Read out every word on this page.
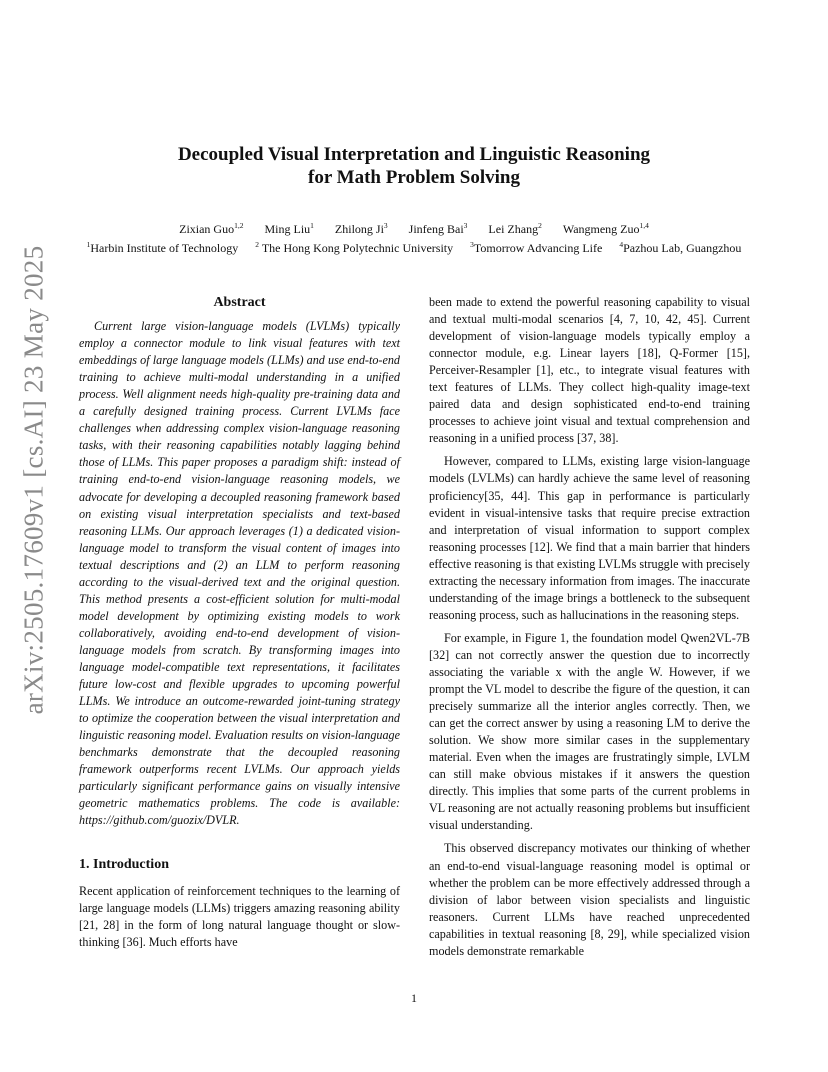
arXiv:2505.17609v1 [cs.AI] 23 May 2025
Decoupled Visual Interpretation and Linguistic Reasoning
for Math Problem Solving
Zixian Guo$^{1,2}$ Ming Liu$^1$ Zhilong Ji$^3$ Jinfeng Bai$^3$ Lei Zhang$^2$ Wangmeng Zuo$^{1,4}$
$^1$Harbin Institute of Technology $^2$ The Hong Kong Polytechnic University $^3$Tomorrow Advancing Life $^4$Pazhou Lab, Guangzhou

Abstract

Current large vision-language models (LVLMs) typically employ a connector module to link visual features with text embeddings of large language models (LLMs) and use end-to-end training to achieve multi-modal understanding in a unified process. Well alignment needs high-quality pre-training data and a carefully designed training process. Current LVLMs face challenges when addressing complex vision-language reasoning tasks, with their reasoning capabilities notably lagging behind those of LLMs. This paper proposes a paradigm shift: instead of training end-to-end vision-language reasoning models, we advocate for developing a decoupled reasoning framework based on existing visual interpretation specialists and text-based reasoning LLMs. Our approach leverages (1) a dedicated vision-language model to transform the visual content of images into textual descriptions and (2) an LLM to perform reasoning according to the visual-derived text and the original question. This method presents a cost-efficient solution for multi-modal model development by optimizing existing models to work collaboratively, avoiding end-to-end development of vision-language models from scratch. By transforming images into language model-compatible text representations, it facilitates future low-cost and flexible upgrades to upcoming powerful LLMs. We introduce an outcome-rewarded joint-tuning strategy to optimize the cooperation between the visual interpretation and linguistic reasoning model. Evaluation results on vision-language benchmarks demonstrate that the decoupled reasoning framework outperforms recent LVLMs. Our approach yields particularly significant performance gains on visually intensive geometric mathematics problems. The code is available: https://github.com/guozix/DVLR.

1. Introduction

Recent application of reinforcement techniques to the learning of large language models (LLMs) triggers amazing reasoning ability [21, 28] in the form of long natural language thought or slow-thinking [36]. Much efforts have

been made to extend the powerful reasoning capability to visual and textual multi-modal scenarios [4, 7, 10, 42, 45]. Current development of vision-language models typically employ a connector module, e.g. Linear layers [18], Q-Former [15], Perceiver-Resampler [1], etc., to integrate visual features with text features of LLMs. They collect high-quality image-text paired data and design sophisticated end-to-end training processes to achieve joint visual and textual comprehension and reasoning in a unified process [37, 38].

However, compared to LLMs, existing large vision-language models (LVLMs) can hardly achieve the same level of reasoning proficiency[35, 44]. This gap in performance is particularly evident in visual-intensive tasks that require precise extraction and interpretation of visual information to support complex reasoning processes [12]. We find that a main barrier that hinders effective reasoning is that existing LVLMs struggle with precisely extracting the necessary information from images. The inaccurate understanding of the image brings a bottleneck to the subsequent reasoning process, such as hallucinations in the reasoning steps.

For example, in Figure 1, the foundation model Qwen2VL-7B [32] can not correctly answer the question due to incorrectly associating the variable x with the angle W. However, if we prompt the VL model to describe the figure of the question, it can precisely summarize all the interior angles correctly. Then, we can get the correct answer by using a reasoning LM to derive the solution. We show more similar cases in the supplementary material. Even when the images are frustratingly simple, LVLM can still make obvious mistakes if it answers the question directly. This implies that some parts of the current problems in VL reasoning are not actually reasoning problems but insufficient visual understanding.

This observed discrepancy motivates our thinking of whether an end-to-end visual-language reasoning model is optimal or whether the problem can be more effectively addressed through a division of labor between vision specialists and linguistic reasoners. Current LLMs have reached unprecedented capabilities in textual reasoning [8, 29], while specialized vision models demonstrate remarkable

1
